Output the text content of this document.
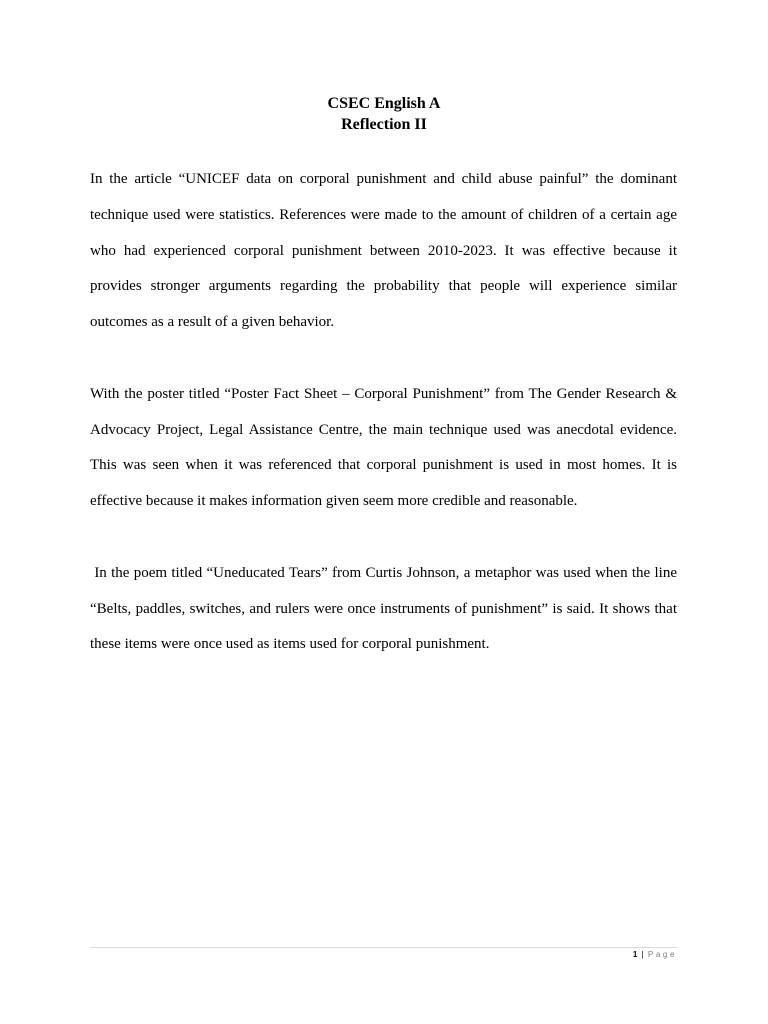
CSEC English A
Reflection II

In the article “UNICEF data on corporal punishment and child abuse painful” the dominant technique used were statistics. References were made to the amount of children of a certain age who had experienced corporal punishment between 2010-2023. It was effective because it provides stronger arguments regarding the probability that people will experience similar outcomes as a result of a given behavior.

With the poster titled “Poster Fact Sheet – Corporal Punishment” from The Gender Research & Advocacy Project, Legal Assistance Centre, the main technique used was anecdotal evidence. This was seen when it was referenced that corporal punishment is used in most homes. It is effective because it makes information given seem more credible and reasonable.

In the poem titled “Uneducated Tears” from Curtis Johnson, a metaphor was used when the line “Belts, paddles, switches, and rulers were once instruments of punishment” is said. It shows that these items were once used as items used for corporal punishment.

1 | Page
